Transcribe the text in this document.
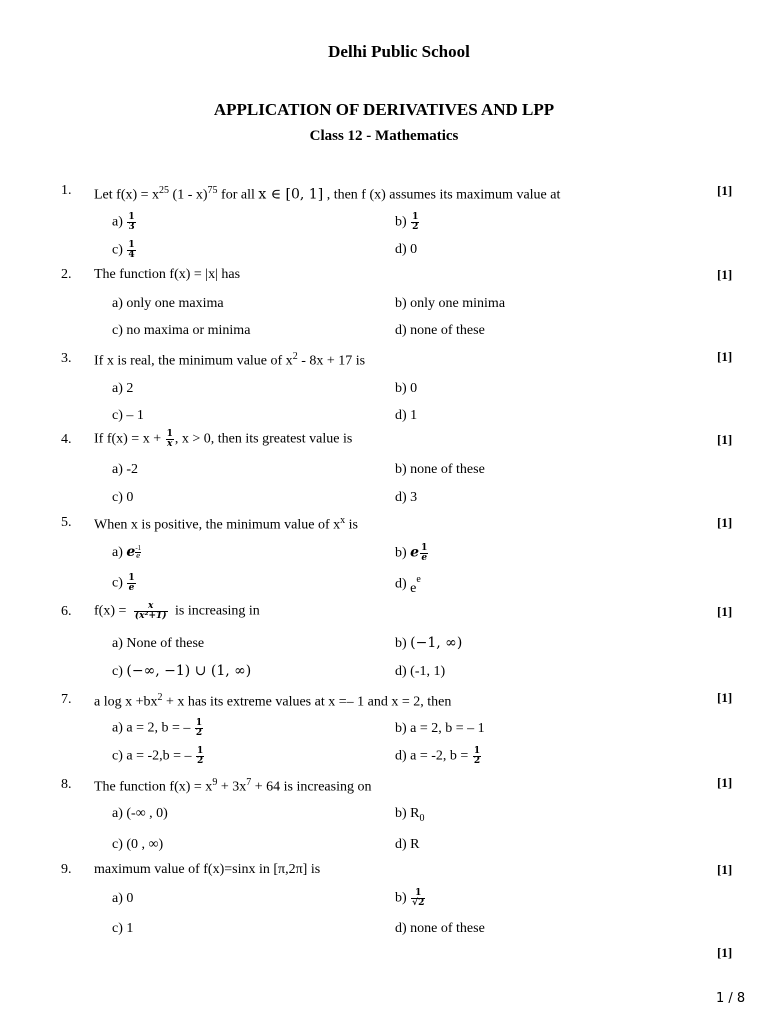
Delhi Public School
APPLICATION OF DERIVATIVES AND LPP
Class 12 - Mathematics
1. Let $f(x) = x^{25}$ (1 - x)$^{75}$ for all x ∈ [0, 1] , then f (x) assumes its maximum value at	[1]
$a) \frac{1}{3}$	$b) \frac{1}{2}$
$c) \frac{1}{4}$	d) 0
2. The function f(x) = |x| has	[1]
a) only one maxima	b) only one minima
c) no maxima or minima	d) none of these
3. If x is real, the minimum value of $x^2 - 8x + 17$ is	[1]
a) 2	b) 0
c) – 1	d) 1
4. If $f(x) = x + \frac{1}{x}$ , x > 0, then its greatest value is	[1]
a) -2	b) none of these
c) 0	d) 3
5. When x is positive, the minimum value of $x^x$ is	[1]
a) e $^{\frac{-1}{e}}$	b) e $\frac{1}{e}$
$c) \frac{1}{e}$	d) $e^e$
6. $f(x) = \frac{x}{\text{(x²+1)}}$ is increasing in	[1]
a) None of these	b) (−1, ∞)
c) (−∞, −1) ∪ (1, ∞)	d) (-1, 1)
7. a $\log x +bx^2 + x$ has its extreme values at x =– 1 and x = 2, then	[1]
a) a = 2, b = – $\frac{1}{2}$	b) a = 2, b = – 1
c) a = -2,b = – $\frac{1}{2}$	d) a = -2, $b = \frac{1}{2}$
8. The function $f(x) = x^9 + 3x^7 + 64$ is increasing on	[1]
a) (-∞ , 0)	b) $R_0$
c) (0 , ∞)	d) R
9. maximum value of f(x)=sinx in [π,2π] is	[1]
a) 0	$b) \frac{1}{√2}$
c) 1	d) none of these
[1]
1 / 8
